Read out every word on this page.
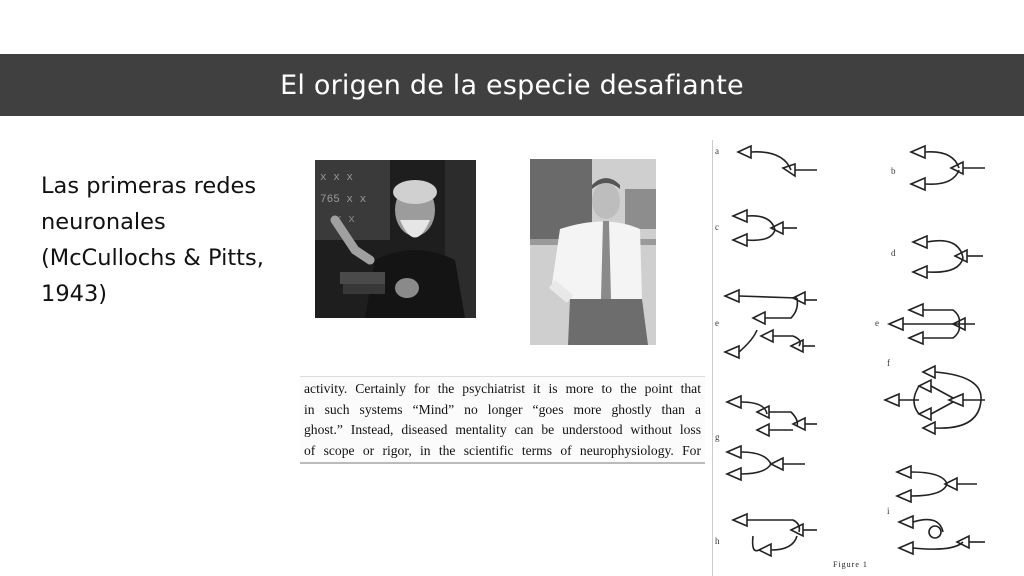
El origen de la especie desafiante
Las primeras redes neuronales (McCullochs & Pitts, 1943)
x x x
765 x x
x x
activity. Certainly for the psychiatrist it is more to the point that
in such systems “Mind” no longer “goes more ghostly than a
ghost.” Instead, diseased mentality can be understood without loss
of scope or rigor, in the scientific terms of neurophysiology. For
a
b
c
d
e	e
f
g
h
i
Figure 1
